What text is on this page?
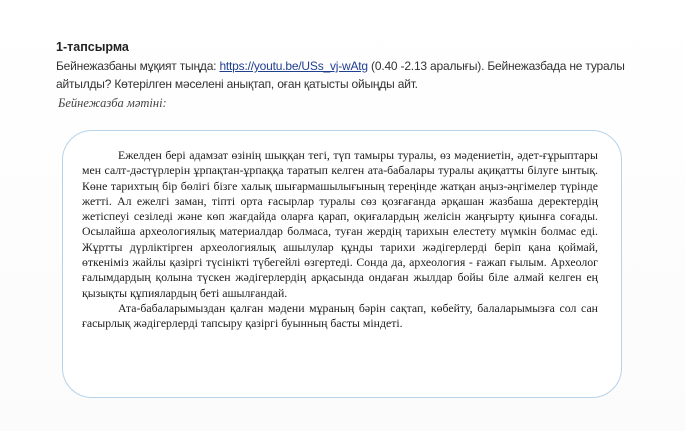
1-тапсырма
Бейнежазбаны мұқият тыңда: https://youtu.be/USs_vj-wAtg (0.40 -2.13 аралығы). Бейнежазбада не туралы айтылды? Көтерілген мәселені анықтап, оған қатысты ойыңды айт.
Бейнежазба мәтіні:

Ежелден бері адамзат өзінің шыққан тегі, түп тамыры туралы, өз мәдениетін, әдет-ғұрыптары мен салт-дәстүрлерін ұрпақтан-ұрпаққа таратып келген ата-бабалары туралы ақиқатты білуге ынтық. Көне тарихтың бір бөлігі бізге халық шығармашылығының тереңінде жатқан аңыз-әңгімелер түрінде жетті. Ал ежелгі заман, тіпті орта ғасырлар туралы сөз қозғағанда әрқашан жазбаша деректердің жетіспеуі сезіледі және көп жағдайда оларға қарап, оқиғалардың желісін жаңғырту қиынға соғады. Осылайша археологиялық материалдар болмаса, туған жердің тарихын елестету мүмкін болмас еді. Жұртты дүрліктірген археологиялық ашылулар құнды тарихи жәдігерлерді беріп қана қоймай, өткеніміз жайлы қазіргі түсінікті түбегейлі өзгертеді. Сонда да, археология - ғажап ғылым. Археолог ғалымдардың қолына түскен жәдігерлердің арқасында ондаған жылдар бойы біле алмай келген ең қызықты құпиялардың беті ашылғандай.

Ата-бабаларымыздан қалған мәдени мұраның бәрін сақтап, көбейту, балаларымызға сол сан ғасырлық жәдігерлерді тапсыру қазіргі буынның басты міндеті.
